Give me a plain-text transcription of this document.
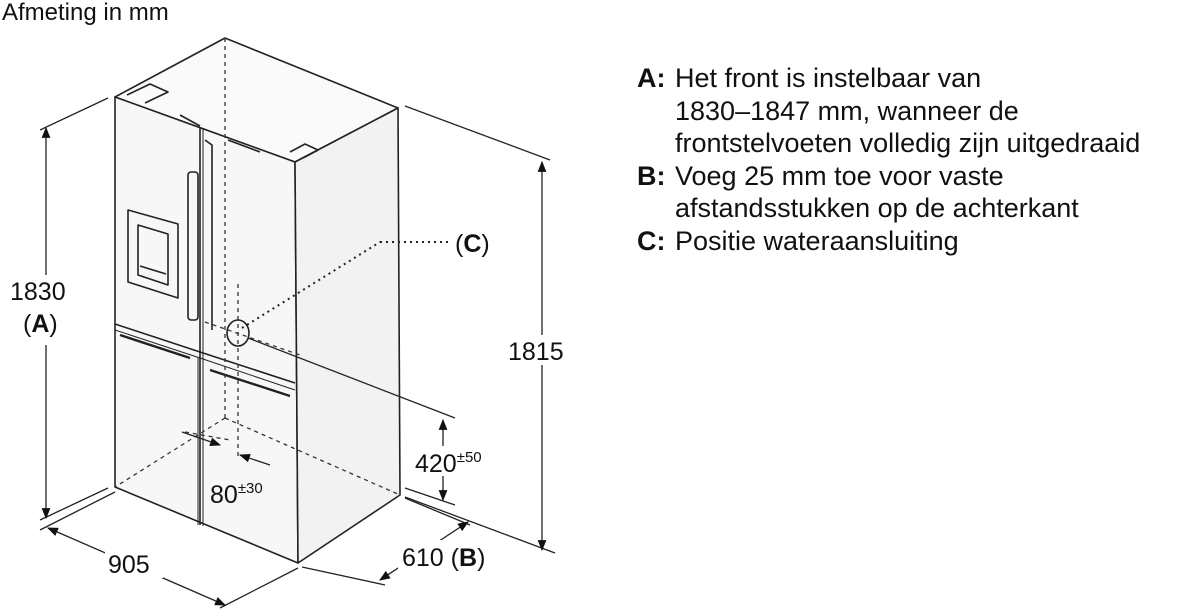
Afmeting in mm
(C)
1830
(A)
1815
905	610 (B)
420±50
80±30
A: Het front is instelbaar van
1830–1847 mm, wanneer de
frontstelvoeten volledig zijn uitgedraaid
B: Voeg 25 mm toe voor vaste
afstandsstukken op de achterkant
C: Positie wateraansluiting
